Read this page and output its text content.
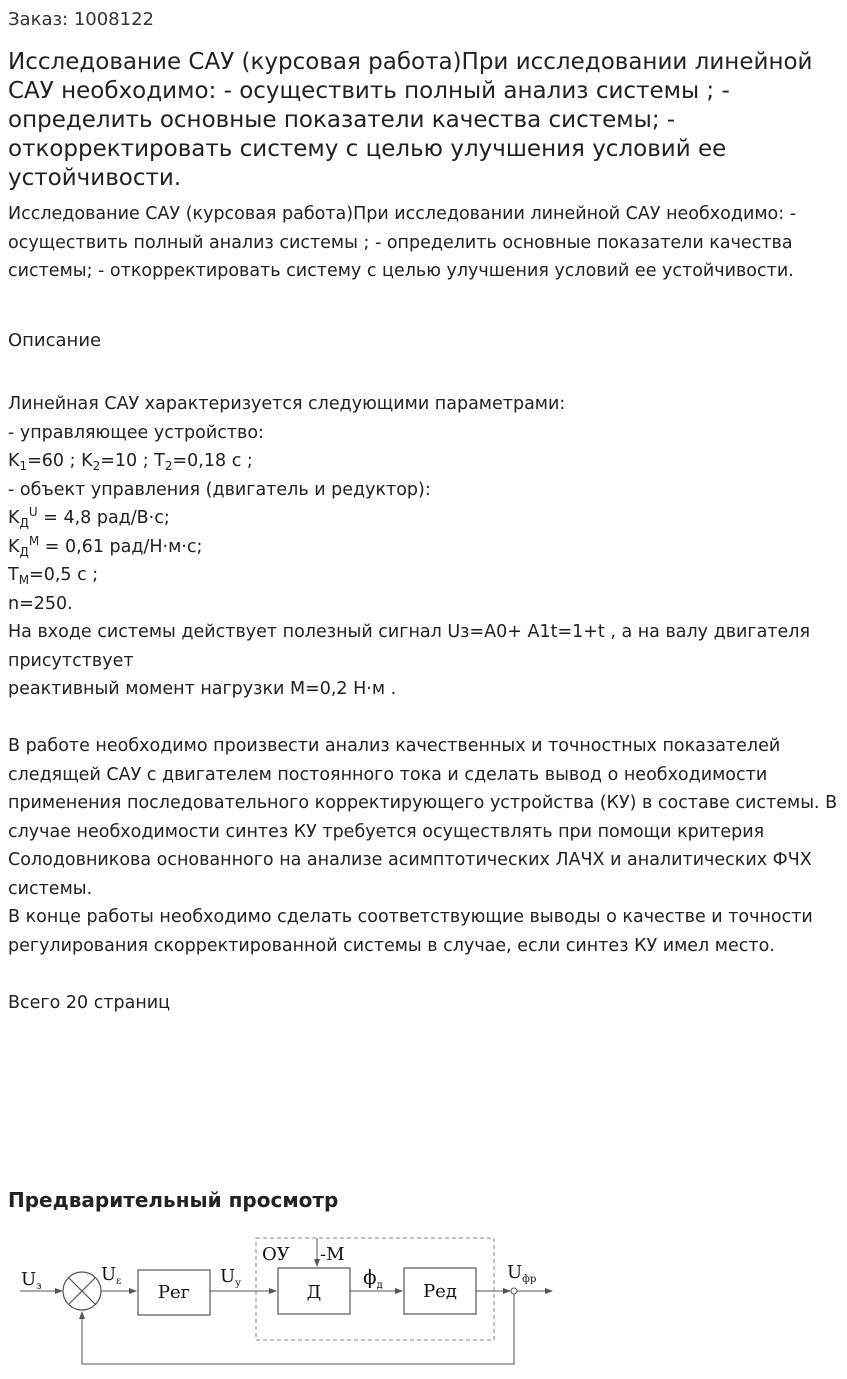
Заказ: 1008122
Исследование САУ (курсовая работа)При исследовании линейной САУ необходимо: - осуществить полный анализ системы ; - определить основные показатели качества системы; - откорректировать систему с целью улучшения условий ее устойчивости.
Исследование САУ (курсовая работа)При исследовании линейной САУ необходимо: - осуществить полный анализ системы ; - определить основные показатели качества системы; - откорректировать систему с целью улучшения условий ее устойчивости.
Описание
Линейная САУ характеризуется следующими параметрами:
- управляющее устройство:
$K_1=60$ ; $K_2=10$ ; $T_2=0,18$ с ;
- объект управления (двигатель и редуктор):
$K_Д^U = 4,8$ рад/В·с;
$K_Д^M = 0,61$ рад/Н·м·с;
$T_M=0,5$ с ;
n=250.
На входе системы действует полезный сигнал Uз=A0+ A1t=1+t , а на валу двигателя присутствует
реактивный момент нагрузки M=0,2 Н·м .
В работе необходимо произвести анализ качественных и точностных показателей следящей САУ с двигателем постоянного тока и сделать вывод о необходимости применения последовательного корректирующего устройства (КУ) в составе системы. В случае необходимости синтез КУ требуется осуществлять при помощи критерия Солодовникова основанного на анализе асимптотических ЛАЧХ и аналитических ФЧХ системы.
В конце работы необходимо сделать соответствующие выводы о качестве и точности регулирования скорректированной системы в случае, если синтез КУ имел место.
Всего 20 страниц
Предварительный просмотр
$U_з$
$U_\varepsilon$
Рег
$U_у$
ОУ -М
Д
$\phi_д$ Ред
$U_{фр}$
